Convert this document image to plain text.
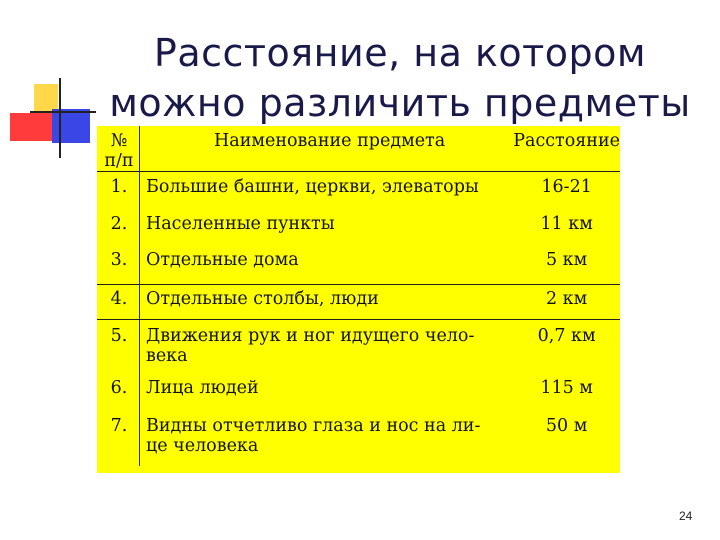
Расстояние, на котором
можно различить предметы
№
п/п	Наименование предмета	Расстояние
1.	Большие башни, церкви, элеваторы	16-21
2.	Населенные пункты	11 км
3.	Отдельные дома	5 км
4.	Отдельные столбы, люди	2 км
5.	Движения рук и ног идущего чело-века	0,7 км
6.	Лица людей	115 м
7.	Видны отчетливо глаза и нос на ли-це человека	50 м
24
